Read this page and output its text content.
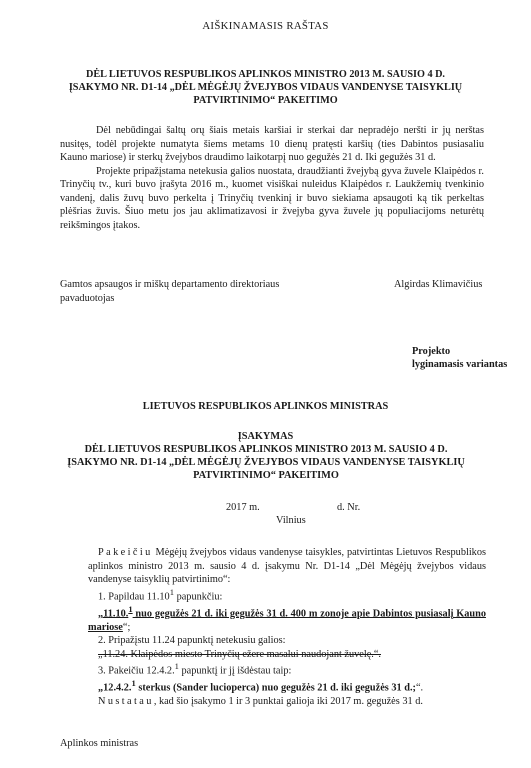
AIŠKINAMASIS RAŠTAS
DĖL LIETUVOS RESPUBLIKOS APLINKOS MINISTRO 2013 M. SAUSIO 4 D. ĮSAKYMO NR. D1-14 „DĖL MĖGĖJŲ ŽVEJYBOS VIDAUS VANDENYSE TAISYKLIŲ PATVIRTINIMO“ PAKEITIMO

Dėl nebūdingai šaltų orų šiais metais karšiai ir sterkai dar nepradėjo neršti ir jų nerštas nusitęs, todėl projekte numatyta šiems metams 10 dienų pratęsti karšių (ties Dabintos pusiasaliu Kauno mariose) ir sterkų žvejybos draudimo laikotarpį nuo gegužės 21 d. Iki gegužės 31 d.

Projekte pripažįstama netekusia galios nuostata, draudžianti žvejybą gyva žuvele Klaipėdos r. Trinyčių tv., kuri buvo įrašyta 2016 m., kuomet visiškai nuleidus Klaipėdos r. Laukžemių tvenkinio vandenį, dalis žuvų buvo perkelta į Trinyčių tvenkinį ir buvo siekiama apsaugoti ką tik perkeltas plėšrias žuvis. Šiuo metu jos jau aklimatizavosi ir žvejyba gyva žuvele jų populiacijoms neturėtų reikšmingos įtakos.

Gamtos apsaugos ir miškų departamento direktoriaus pavaduotojas
Algirdas Klimavičius
Projekto
lyginamasis variantas
LIETUVOS RESPUBLIKOS APLINKOS MINISTRAS
ĮSAKYMAS
DĖL LIETUVOS RESPUBLIKOS APLINKOS MINISTRO 2013 M. SAUSIO 4 D. ĮSAKYMO NR. D1-14 „DĖL MĖGĖJŲ ŽVEJYBOS VIDAUS VANDENYSE TAISYKLIŲ PATVIRTINIMO“ PAKEITIMO
2017 m.	d. Nr.
Vilnius

Pakeičiu Mėgėjų žvejybos vidaus vandenyse taisykles, patvirtintas Lietuvos Respublikos aplinkos ministro 2013 m. sausio 4 d. įsakymu Nr. D1-14 „Dėl Mėgėjų žvejybos vidaus vandenyse taisyklių patvirtinimo“:

1. Papildau 11.10$^1$ papunkčiu:

„11.10.$^1$ nuo gegužės 21 d. iki gegužės 31 d. 400 m zonoje apie Dabintos pusiasalį Kauno mariose“;

2. Pripažįstu 11.24 papunktį netekusiu galios:

„11.24. Klaipėdos miesto Trinyčių ežere masalui naudojant žuvelę.“.

3. Pakeičiu 12.4.2.$^1$ papunktį ir jį išdėstau taip:

„12.4.2.$^1$ sterkus (Sander lucioperca) nuo gegužės 21 d. iki gegužės 31 d.;“.

Nustatau, kad šio įsakymo 1 ir 3 punktai galioja iki 2017 m. gegužės 31 d.

Aplinkos ministras
